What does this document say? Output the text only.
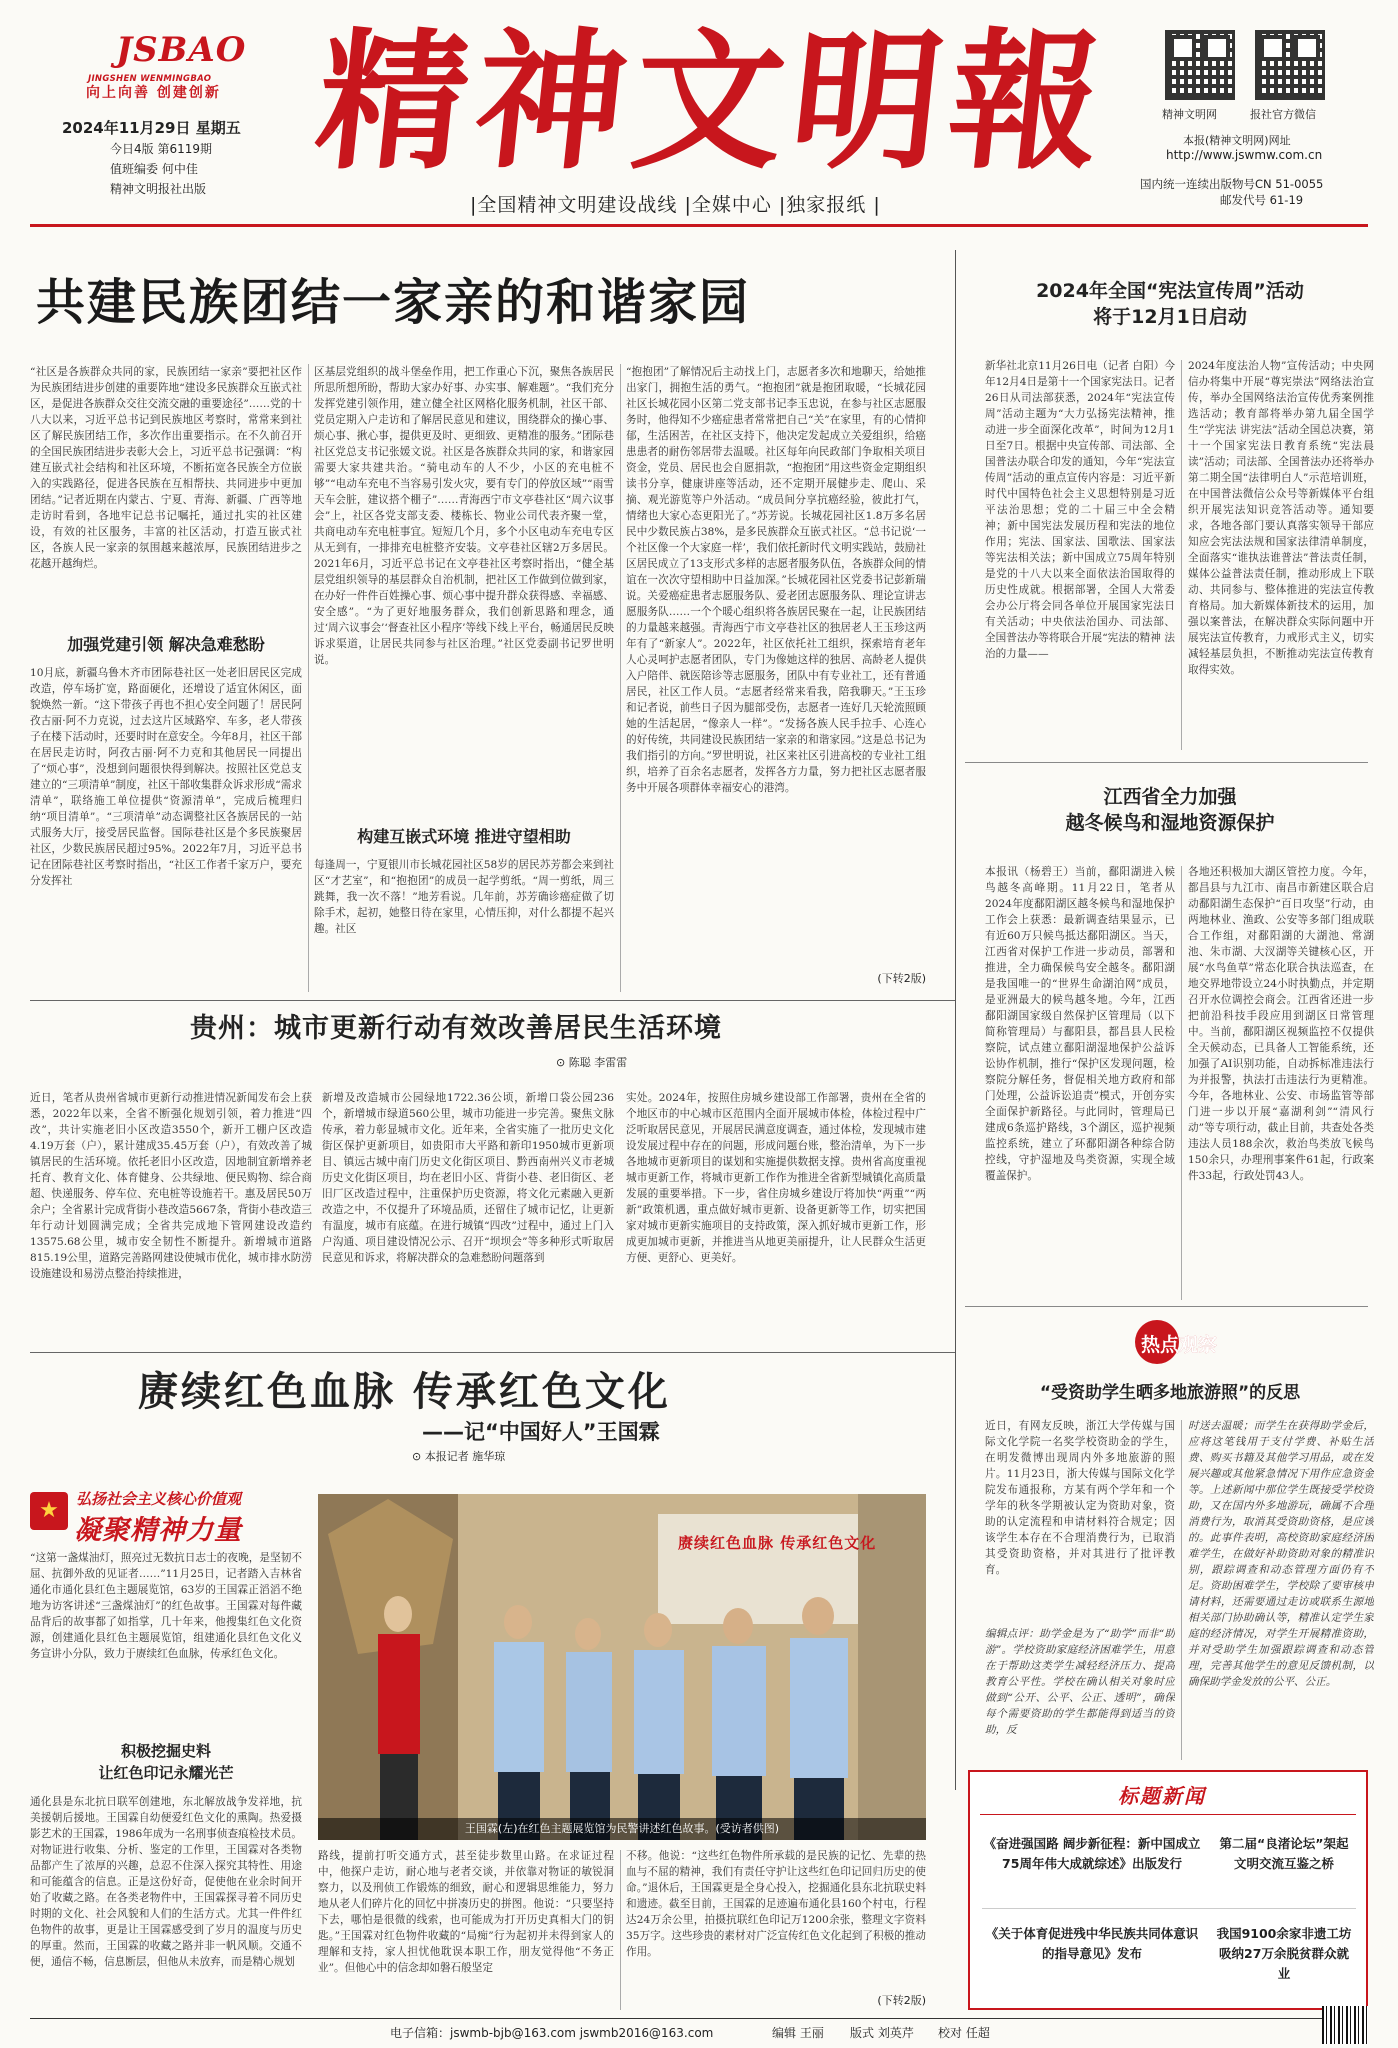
JSBAO
JINGSHEN WENMINGBAO
向上向善 创建创新
2024年11月29日 星期五
今日4版 第6119期
值班编委 何中佳
精神文明报社出版 精神文明報	精神文明网	报社官方微信
本报(精神文明网)网址
http://www.jswmw.com.cn
国内统一连续出版物号CN 51-0055
邮发代号 61-19
|全国精神文明建设战线 |全媒中心 |独家报纸 |
共建民族团结一家亲的和谐家园
“社区是各族群众共同的家，民族团结一家亲”要把社区作为民族团结进步创建的重要阵地“建设多民族群众互嵌式社区，是促进各族群众交往交流交融的重要途径”……党的十八大以来，习近平总书记到民族地区考察时，常常来到社区了解民族团结工作，多次作出重要指示。在不久前召开的全国民族团结进步表彰大会上，习近平总书记强调：“构建互嵌式社会结构和社区环境，不断拓宽各民族全方位嵌入的实践路径，促进各民族在互相帮扶、共同进步中更加团结。”记者近期在内蒙古、宁夏、青海、新疆、广西等地走访时看到，各地牢记总书记嘱托，通过扎实的社区建设，有效的社区服务，丰富的社区活动，打造互嵌式社区，各族人民一家亲的氛围越来越浓厚，民族团结进步之花越开越绚烂。
加强党建引领 解决急难愁盼
10月底，新疆乌鲁木齐市团际巷社区一处老旧居民区完成改造，停车场扩宽，路面硬化，还增设了适宜休闲区，面貌焕然一新。“这下带孩子再也不担心安全问题了！居民阿孜古丽·阿不力克说，过去这片区域路窄、车多，老人带孩子在楼下活动时，还要时时在意安全。今年8月，社区干部在居民走访时，阿孜古丽·阿不力克和其他居民一同提出了“烦心事”，没想到问题很快得到解决。按照社区党总支建立的“三项清单”制度，社区干部收集群众诉求形成“需求清单”，联络施工单位提供“资源清单”，完成后梳理归纳“项目清单”。“三项清单”动态调整社区各族居民的一站式服务大厅，接受居民监督。国际巷社区是个多民族聚居社区，少数民族居民超过95%。2022年7月，习近平总书记在团际巷社区考察时指出，“社区工作者千家万户，要充分发挥社
区基层党组织的战斗堡垒作用，把工作重心下沉，聚焦各族居民所思所想所盼，帮助大家办好事、办实事、解难题”。“我们充分发挥党建引领作用，建立健全社区网格化服务机制，社区干部、党员定期入户走访和了解居民意见和建议，围绕群众的操心事、烦心事、揪心事，提供更及时、更细致、更精准的服务。”团际巷社区党总支书记张媛文说。社区是各族群众共同的家，和谐家园需要大家共建共治。“骑电动车的人不少，小区的充电桩不够”“电动车充电不当容易引发火灾，要有专门的停放区域”“雨雪天车会脏，建议搭个棚子”……青海西宁市文亭巷社区“周六议事会”上，社区各党支部支委、楼栋长、物业公司代表齐聚一堂，共商电动车充电桩事宜。短短几个月，多个小区电动车充电专区从无到有，一排排充电桩整齐安装。文亭巷社区辖2万多居民。2021年6月，习近平总书记在文亭巷社区考察时指出，“健全基层党组织领导的基层群众自治机制，把社区工作做到位做到家，在办好一件件百姓操心事、烦心事中提升群众获得感、幸福感、安全感”。“为了更好地服务群众，我们创新思路和理念，通过‘周六议事会’‘督查社区小程序’等线下线上平台，畅通居民反映诉求渠道，让居民共同参与社区治理。”社区党委副书记罗世明说。
构建互嵌式环境 推进守望相助
每逢周一，宁夏银川市长城花园社区58岁的居民苏芳都会来到社区“才艺室”，和“抱抱团”的成员一起学剪纸。“周一剪纸，周三跳舞，我一次不落！”地芳看说。几年前，苏芳确诊癌症做了切除手术，起初，她整日待在家里，心情压抑，对什么都提不起兴趣。社区
“抱抱团”了解情况后主动找上门，志愿者多次和地聊天，给她推出家门，拥抱生活的勇气。“抱抱团”就是抱团取暖，“长城花园社区长城花园小区第二党支部书记李玉忠说，在参与社区志愿服务时，他得知不少癌症患者常常把自己“关”在家里，有的心情抑郁，生活困苦，在社区支持下，他决定发起成立关爱组织，给癌患患者的耐伤邻居带去温暖。社区每年向民政部门争取相关项目资金，党员、居民也会自愿捐款，“抱抱团”用这些资金定期组织读书分享，健康讲座等活动，还不定期开展健步走、爬山、采摘、观光游览等户外活动。“成员间分享抗癌经验，彼此打气，情绪也大家心态更阳光了。”苏芳说。长城花园社区1.8万多名居民中少数民族占38%，是多民族群众互嵌式社区。“总书记说‘一个社区像一个大家庭一样’，我们依托新时代文明实践站，鼓励社区居民成立了13支形式多样的志愿者服务队伍，各族群众间的情谊在一次次守望相助中日益加深。”长城花园社区党委书记彭新瑞说。关爱癌症患者志愿服务队、爱老团志愿服务队、理论宣讲志愿服务队……一个个暖心组织将各族居民聚在一起，让民族团结的力量越来越强。青海西宁市文亭巷社区的独居老人王玉珍这两年有了“新家人”。2022年，社区依托社工组织，探索培育老年人心灵呵护志愿者团队，专门为像她这样的独居、高龄老人提供入户陪伴、就医陪诊等志愿服务，团队中有专业社工，还有普通居民，社区工作人员。“志愿者经常来看我，陪我聊天。”王玉珍和记者说，前些日子因为腿部受伤，志愿者一连好几天轮流照顾她的生活起居，“像亲人一样”。“发扬各族人民手拉手、心连心的好传统，共同建设民族团结一家亲的和谐家园。”这是总书记为我们指引的方向。”罗世明说，社区来社区引进高校的专业社工组织，培养了百余名志愿者，发挥各方力量，努力把社区志愿者服务中开展各项群体幸福安心的港湾。
(下转2版)
2024年全国“宪法宣传周”活动
将于12月1日启动
新华社北京11月26日电（记者 白阳）今年12月4日是第十一个国家宪法日。记者26日从司法部获悉，2024年“宪法宣传周”活动主题为“大力弘扬宪法精神，推动进一步全面深化改革”，时间为12月1日至7日。根据中央宣传部、司法部、全国普法办联合印发的通知，今年“宪法宣传周”活动的重点宣传内容是：习近平新时代中国特色社会主义思想特别是习近平法治思想；党的二十届三中全会精神；新中国宪法发展历程和宪法的地位作用；宪法、国家法、国歌法、国家法等宪法相关法；新中国成立75周年特别是党的十八大以来全面依法治国取得的历史性成就。根据部署，全国人大常委会办公厅将会同各单位开展国家宪法日有关活动；中央依法治国办、司法部、全国普法办等将联合开展“宪法的精神 法治的力量——
2024年度法治人物”宣传活动；中央网信办将集中开展“尊宪崇法”网络法治宣传，举办全国网络法治宣传优秀案例推选活动；教育部将举办第九届全国学生“学宪法 讲宪法”活动全国总决赛，第十一个国家宪法日教育系统“宪法晨读”活动；司法部、全国普法办还将举办第二期全国“法律明白人”示范培训班，在中国普法微信公众号等新媒体平台组织开展宪法知识竞答活动等。通知要求，各地各部门要认真落实领导干部应知应会宪法法规和国家法律清单制度，全面落实“谁执法谁普法”普法责任制，媒体公益普法责任制，推动形成上下联动、共同参与、整体推进的宪法宣传教育格局。加大新媒体新技术的运用，加强以案普法，在解决群众实际问题中开展宪法宣传教育，力戒形式主义，切实减轻基层负担，不断推动宪法宣传教育取得实效。
江西省全力加强
越冬候鸟和湿地资源保护
本报讯（杨碧王）当前，鄱阳湖进入候鸟越冬高峰期。11月22日，笔者从2024年度鄱阳湖区越冬候鸟和湿地保护工作会上获悉：最新调查结果显示，已有近60万只候鸟抵达鄱阳湖区。当天，江西省对保护工作进一步动员，部署和推进，全力确保候鸟安全越冬。鄱阳湖是我国唯一的“世界生命湖泊网”成员，是亚洲最大的候鸟越冬地。今年，江西鄱阳湖国家级自然保护区管理局（以下简称管理局）与鄱阳县，都昌县人民检察院，试点建立鄱阳湖湿地保护公益诉讼协作机制，推行“保护区发现问题，检察院分解任务，督促相关地方政府和部门处理，公益诉讼追责”模式，开创夯实全面保护新路径。与此同时，管理局已建成6条巡护路线，3个湖区，巡护视频监控系统，建立了环鄱阳湖各种综合防控线，守护湿地及鸟类资源，实现全域覆盖保护。
各地还积极加大湖区管控力度。今年，都昌县与九江市、南昌市新建区联合启动鄱阳湖生态保护“百日攻坚”行动，由两地林业、渔政、公安等多部门组成联合工作组，对鄱阳湖的大湖池、常湖池、朱市湖、大汊湖等关键核心区，开展“水鸟鱼草”常态化联合执法巡查，在地交界地带设立24小时执勤点，并定期召开水位调控会商会。江西省还进一步把前沿科技手段应用到湖区日常管理中。当前，鄱阳湖区视频监控不仅提供全天候动态，已具备人工智能系统，还加强了AI识别功能，自动拆标准违法行为并报警，执法打击违法行为更精准。今年，各地林业、公安、市场监管等部门进一步以开展“嘉湖利剑”“清风行动”等专项行动，截止目前，共查处各类违法人员188余次，救治鸟类放飞候鸟150余只，办理刑事案件61起，行政案件33起，行政处罚43人。
贵州：城市更新行动有效改善居民生活环境
⊙ 陈聪 李雷雷
近日，笔者从贵州省城市更新行动推进情况新闻发布会上获悉，2022年以来，全省不断强化规划引领，着力推进“四改”，共计实施老旧小区改造3550个，新开工棚户区改造4.19万套（户），累计建成35.45万套（户），有效改善了城镇居民的生活环境。依托老旧小区改造，因地制宜新增养老托育、教育文化、体育健身、公共绿地、便民购物、综合商超、快递服务、停车位、充电桩等设施若干。惠及居民50万余户；全省累计完成背街小巷改造5667条，背街小巷改造三年行动计划圆满完成；全省共完成地下管网建设改造约13575.68公里，城市安全韧性不断提升。新增城市道路815.19公里，道路完善路网建设使城市优化，城市排水防涝设施建设和易涝点整治持续推进，
新增及改造城市公园绿地1722.36公顷，新增口袋公园236个，新增城市绿道560公里，城市功能进一步完善。聚焦文脉传承，着力彰显城市文化。近年来，全省实施了一批历史文化街区保护更新项目，如贵阳市大平路和新印1950城市更新项目、镇远古城中南门历史文化街区项目、黔西南州兴义市老城历史文化街区项目，均在老旧小区、背街小巷、老旧街区、老旧厂区改造过程中，注重保护历史资源，将文化元素融入更新改造之中，不仅提升了环境品质，还留住了城市记忆，让更新有温度，城市有底蕴。在进行城镇“四改”过程中，通过上门入户沟通、项目建设情况公示、召开“坝坝会”等多种形式听取居民意见和诉求，将解决群众的急难愁盼问题落到
实处。2024年，按照住房城乡建设部工作部署，贵州在全省的个地区市的中心城市区范围内全面开展城市体检，体检过程中广泛听取居民意见，开展居民满意度调查，通过体检，发现城市建设发展过程中存在的问题，形成问题台账，整治清单，为下一步各地城市更新项目的谋划和实施提供数据支撑。贵州省高度重视城市更新工作，将城市更新工作作为推进全省新型城镇化高质量发展的重要举措。下一步，省住房城乡建设厅将加快“两重”“两新”政策机遇，重点做好城市更新、设备更新等工作，切实把国家对城市更新实施项目的支持政策，深入抓好城市更新工作，形成更加城市更新，并推进当从地更美丽提升，让人民群众生活更方便、更舒心、更美好。
赓续红色血脉 传承红色文化
——记“中国好人”王国霖
⊙ 本报记者 施华琼
★	弘扬社会主义核心价值观
凝聚精神力量
“这第一盏煤油灯，照亮过无数抗日志士的夜晚，是坚韧不屈、抗御外敌的见证者……”11月25日，记者踏入吉林省通化市通化县红色主题展览馆，63岁的王国霖正滔滔不绝地为访客讲述“三盏煤油灯”的红色故事。王国霖对每件藏品背后的故事都了如指掌，几十年来，他搜集红色文化资源，创建通化县红色主题展览馆，组建通化县红色文化义务宣讲小分队，致力于赓续红色血脉，传承红色文化。
积极挖掘史料
让红色印记永耀光芒
通化县是东北抗日联军创建地，东北解放战争发祥地，抗美援朝后援地。王国霖自幼便爱红色文化的熏陶。热爱摄影艺术的王国霖，1986年成为一名刑事侦查痕检技术员。对物证进行收集、分析、鉴定的工作里，王国霖对各类物品都产生了浓厚的兴趣，总忍不住深入探究其特性、用途和可能蕴含的信息。正是这份好奇，促使他在业余时间开始了收藏之路。在各类老物件中，王国霖探寻着不同历史时期的文化、社会风貌和人们的生活方式。尤其一件件红色物件的故事，更是让王国霖感受到了岁月的温度与历史的厚重。然而，王国霖的收藏之路并非一帆风顺。交通不便，通信不畅，信息断层，但他从未放弃，而是精心规划
赓续红色血脉 传承红色文化
王国霖(左)在红色主题展览馆为民警讲述红色故事。(受访者供图)
路线，提前打听交通方式，甚至徒步数里山路。在求证过程中，他探户走访，耐心地与老者交谈，并依靠对物证的敏锐洞察力，以及刑侦工作锻炼的细致，耐心和逻辑思维能力，努力地从老人们碎片化的回忆中拼凑历史的拼图。他说：“只要坚持下去，哪怕是很微的线索，也可能成为打开历史真相大门的钥匙。”王国霖对红色物件收藏的“局痴”行为起初并未得到家人的理解和支持，家人担忧他耽误本职工作，朋友觉得他“不务正业”。但他心中的信念却如磐石般坚定
不移。他说：“这些红色物件所承载的是民族的记忆、先辈的热血与不屈的精神，我们有责任守护让这些红色印记回归历史的使命。”退休后，王国霖更是全身心投入，挖掘通化县东北抗联史料和遗迹。截至目前，王国霖的足迹遍布通化县160个村屯，行程达24万余公里，拍摄抗联红色印记万1200余张，整理文字资料35万字。这些珍贵的素材对广泛宣传红色文化起到了积极的推动作用。
(下转2版)
热点观察
“受资助学生晒多地旅游照”的反思
近日，有网友反映，浙江大学传媒与国际文化学院一名奖学校资助金的学生，在明发微博出现周内外多地旅游的照片。11月23日，浙大传媒与国际文化学院发布通报称，方某有两个学年和一个学年的秋冬学期被认定为资助对象，资助的认定流程和申请材料符合规定；因该学生本存在不合理消费行为，已取消其受资助资格，并对其进行了批评教育。
编辑点评：助学金是为了“助学”而非“助游”。学校资助家庭经济困难学生，用意在于帮助这类学生减轻经济压力、提高教育公平性。学校在确认相关对象时应做到“公开、公平、公正、透明”，确保每个需要资助的学生都能得到适当的资助，反
时送去温暖；而学生在获得助学金后，应将这笔钱用于支付学费、补贴生活费、购买书籍及其他学习用品，或在发展兴趣或其他紧急情况下用作应急资金等。上述新闻中那位学生既接受学校资助，又在国内外多地游玩，确属不合理消费行为，取消其受资助资格，是应该的。此事件表明，高校资助家庭经济困难学生，在做好补助资助对象的精准识别，跟踪调查和动态管理方面仍有不足。资助困难学生，学校除了要审核申请材料，还需要通过走访或联系生源地相关部门协助确认等，精准认定学生家庭的经济情况，对学生开展精准资助，并对受助学生加强跟踪调查和动态管理，完善其他学生的意见反馈机制，以确保助学金发放的公平、公正。
标题新闻
《奋进强国路 阔步新征程：新中国成立75周年伟大成就综述》出版发行
第二届“良渚论坛”架起文明交流互鉴之桥
《关于体育促进残中华民族共同体意识的指导意见》发布
我国9100余家非遗工坊吸纳27万余脱贫群众就业
电子信箱：jswmb-bjb@163.com jswmb2016@163.com	编辑 王丽 版式 刘英芹 校对 任超
